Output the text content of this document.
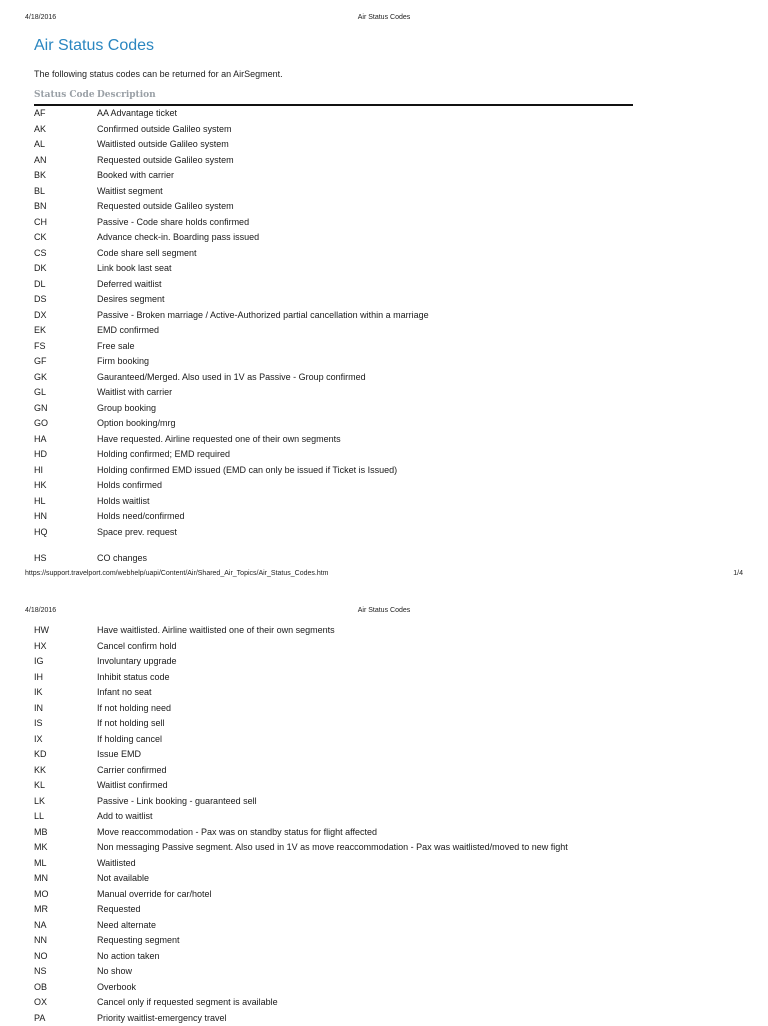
4/18/2016	Air Status Codes
Air Status Codes
The following status codes can be returned for an AirSegment.
Status Code Description
AF	AA Advantage ticket
AK	Confirmed outside Galileo system
AL	Waitlisted outside Galileo system
AN	Requested outside Galileo system
BK	Booked with carrier
BL	Waitlist segment
BN	Requested outside Galileo system
CH	Passive - Code share holds confirmed
CK	Advance check-in. Boarding pass issued
CS	Code share sell segment
DK	Link book last seat
DL	Deferred waitlist
DS	Desires segment
DX	Passive - Broken marriage / Active-Authorized partial cancellation within a marriage
EK	EMD confirmed
FS	Free sale
GF	Firm booking
GK	Gauranteed/Merged. Also used in 1V as Passive - Group confirmed
GL	Waitlist with carrier
GN	Group booking
GO	Option booking/mrg
HA	Have requested. Airline requested one of their own segments
HD	Holding confirmed; EMD required
HI	Holding confirmed EMD issued (EMD can only be issued if Ticket is Issued)
HK	Holds confirmed
HL	Holds waitlist
HN	Holds need/confirmed
HQ	Space prev. request
HS	CO changes
https://support.travelport.com/webhelp/uapi/Content/Air/Shared_Air_Topics/Air_Status_Codes.htm	1/4
4/18/2016	Air Status Codes
HW	Have waitlisted. Airline waitlisted one of their own segments
HX	Cancel confirm hold
IG	Involuntary upgrade
IH	Inhibit status code
IK	Infant no seat
IN	If not holding need
IS	If not holding sell
IX	If holding cancel
KD	Issue EMD
KK	Carrier confirmed
KL	Waitlist confirmed
LK	Passive - Link booking - guaranteed sell
LL	Add to waitlist
MB	Move reaccommodation - Pax was on standby status for flight affected
MK	Non messaging Passive segment. Also used in 1V as move reaccommodation - Pax was waitlisted/moved to new fight
ML	Waitlisted
MN	Not available
MO	Manual override for car/hotel
MR	Requested
NA	Need alternate
NN	Requesting segment
NO	No action taken
NS	No show
OB	Overbook
OX	Cancel only if requested segment is available
PA	Priority waitlist-emergency travel
